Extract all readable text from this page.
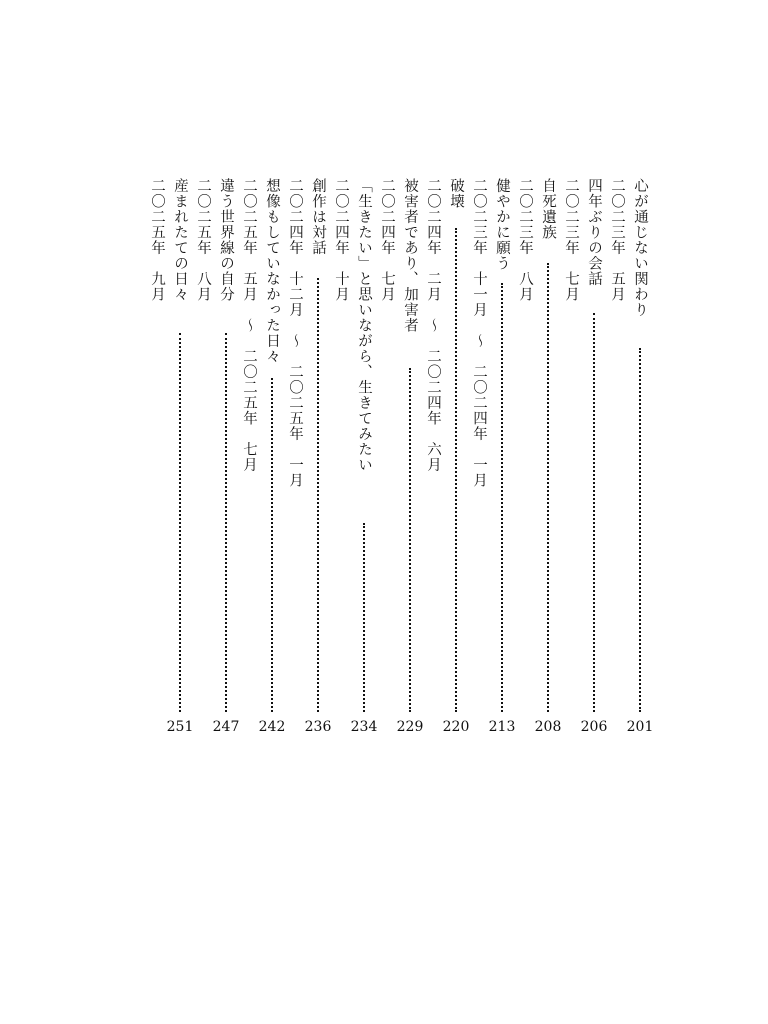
心が通じない関わり
201
二〇二三年　五月
四年ぶりの会話
206
二〇二三年　七月
自死遺族
208
二〇二三年　八月
健やかに願う
213
二〇二三年　十一月　～　二〇二四年　一月
破壊
220
二〇二四年　二月　～　二〇二四年　六月
被害者であり、加害者
229
二〇二四年　七月
「生きたい」と思いながら、生きてみたい
234
二〇二四年　十月
創作は対話
236
二〇二四年　十二月　～　二〇二五年　一月
想像もしていなかった日々
242
二〇二五年　五月　～　二〇二五年　七月
違う世界線の自分
247
二〇二五年　八月
産まれたての日々
251
二〇二五年　九月
